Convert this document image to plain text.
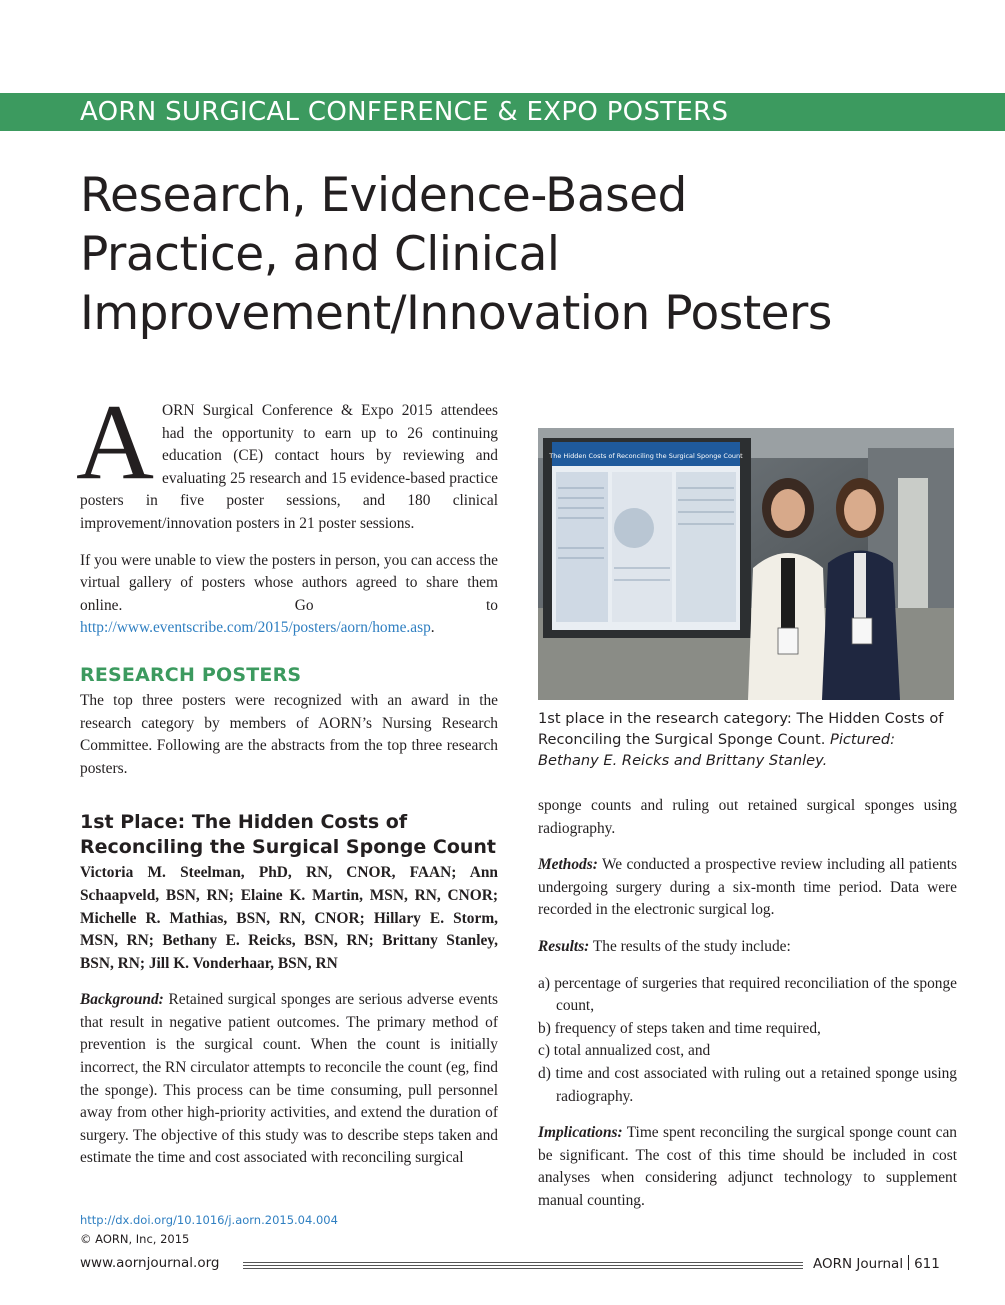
AORN SURGICAL CONFERENCE & EXPO POSTERS
Research, Evidence-Based
Practice, and Clinical
Improvement/Innovation Posters
AORN Surgical Conference & Expo 2015 attendees had the opportunity to earn up to 26 continuing education (CE) contact hours by reviewing and evaluating 25 research and 15 evidence-based practice posters in five poster sessions, and 180 clinical improvement/innovation posters in 21 poster sessions.

If you were unable to view the posters in person, you can access the virtual gallery of posters whose authors agreed to share them online. Go to http://www.eventscribe.com/2015/posters/aorn/home.asp.

RESEARCH POSTERS

The top three posters were recognized with an award in the research category by members of AORN’s Nursing Research Committee. Following are the abstracts from the top three research posters.

1st Place: The Hidden Costs of
Reconciling the Surgical Sponge Count

Victoria M. Steelman, PhD, RN, CNOR, FAAN; Ann Schaapveld, BSN, RN; Elaine K. Martin, MSN, RN, CNOR; Michelle R. Mathias, BSN, RN, CNOR; Hillary E. Storm, MSN, RN; Bethany E. Reicks, BSN, RN; Brittany Stanley, BSN, RN; Jill K. Vonderhaar, BSN, RN

Background: Retained surgical sponges are serious adverse events that result in negative patient outcomes. The primary method of prevention is the surgical count. When the count is initially incorrect, the RN circulator attempts to reconcile the count (eg, find the sponge). This process can be time consuming, pull personnel away from other high-priority activities, and extend the duration of surgery. The objective of this study was to describe steps taken and estimate the time and cost associated with reconciling surgical

The Hidden Costs of Reconciling the Surgical Sponge Count

1st place in the research category: The Hidden Costs of Reconciling the Surgical Sponge Count. Pictured: Bethany E. Reicks and Brittany Stanley.

sponge counts and ruling out retained surgical sponges using radiography.

Methods: We conducted a prospective review including all patients undergoing surgery during a six-month time period. Data were recorded in the electronic surgical log.

Results: The results of the study include:

a) percentage of surgeries that required reconciliation of the sponge count,

b) frequency of steps taken and time required,

c) total annualized cost, and

d) time and cost associated with ruling out a retained sponge using radiography.

Implications: Time spent reconciling the surgical sponge count can be significant. The cost of this time should be included in cost analyses when considering adjunct technology to supplement manual counting.

http://dx.doi.org/10.1016/j.aorn.2015.04.004
© AORN, Inc, 2015
www.aornjournal.org	AORN Journal 611
